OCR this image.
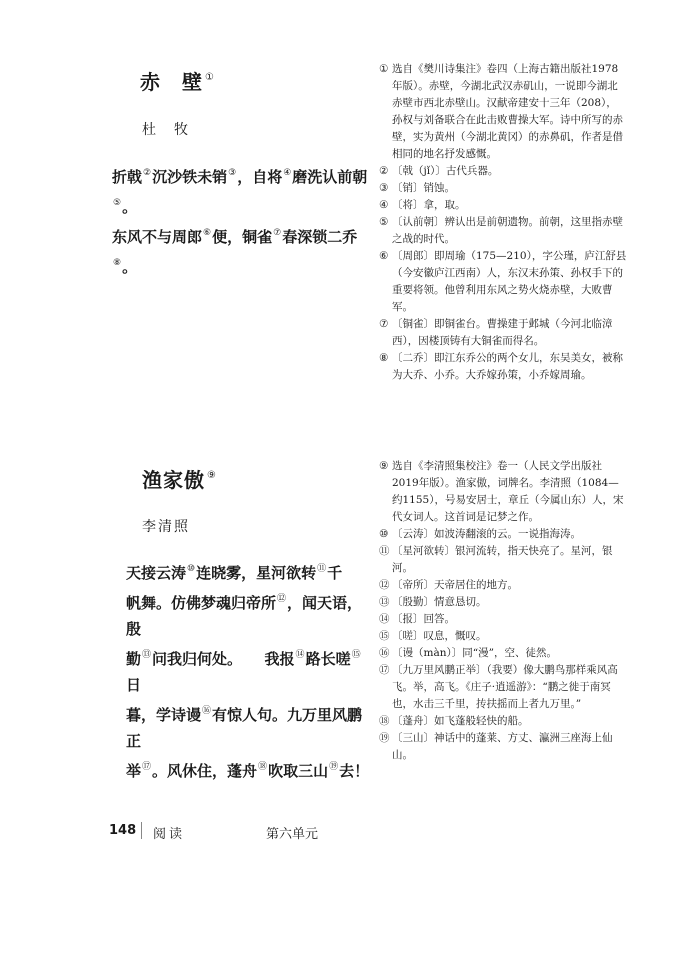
赤　壁 ①
杜　牧
折戟②沉沙铁未销③，自将④磨洗认前朝⑤。
东风不与周郎⑥便，铜雀⑦春深锁二乔⑧。
渔家傲 ⑨
李清照
天接云涛⑩连晓雾，星河欲转⑪千
帆舞。仿佛梦魂归帝所⑫，闻天语，殷
勤⑬问我归何处。　　我报⑭路长嗟⑮日
暮，学诗谩⑯有惊人句。九万里风鹏正
举⑰。风休住，蓬舟⑱吹取三山⑲去！
① 选自《樊川诗集注》卷四（上海古籍出版社1978年版）。赤壁，今湖北武汉赤矶山，一说即今湖北赤壁市西北赤壁山。汉献帝建安十三年（208），孙权与刘备联合在此击败曹操大军。诗中所写的赤壁，实为黄州（今湖北黄冈）的赤鼻矶，作者是借相同的地名抒发感慨。
② 〔戟（jǐ）〕古代兵器。
③ 〔销〕销蚀。
④ 〔将〕拿，取。
⑤ 〔认前朝〕辨认出是前朝遗物。前朝，这里指赤壁之战的时代。
⑥ 〔周郎〕即周瑜（175—210），字公瑾，庐江舒县（今安徽庐江西南）人，东汉末孙策、孙权手下的重要将领。他曾利用东风之势火烧赤壁，大败曹军。
⑦ 〔铜雀〕即铜雀台。曹操建于邺城（今河北临漳西），因楼顶铸有大铜雀而得名。
⑧ 〔二乔〕即江东乔公的两个女儿，东吴美女，被称为大乔、小乔。大乔嫁孙策，小乔嫁周瑜。
⑨ 选自《李清照集校注》卷一（人民文学出版社2019年版）。渔家傲，词牌名。李清照（1084—约1155），号易安居士，章丘（今属山东）人，宋代女词人。这首词是记梦之作。
⑩ 〔云涛〕如波涛翻滚的云。一说指海涛。
⑪ 〔星河欲转〕银河流转，指天快亮了。星河，银河。
⑫ 〔帝所〕天帝居住的地方。
⑬ 〔殷勤〕情意恳切。
⑭ 〔报〕回答。
⑮ 〔嗟〕叹息，慨叹。
⑯ 〔谩（màn）〕同“漫”，空、徒然。
⑰ 〔九万里风鹏正举〕（我要）像大鹏鸟那样乘风高飞。举，高飞。《庄子·逍遥游》：“鹏之徙于南冥也，水击三千里，抟扶摇而上者九万里。”
⑱ 〔蓬舟〕如飞蓬般轻快的船。
⑲ 〔三山〕神话中的蓬莱、方丈、瀛洲三座海上仙山。
148 阅读	第六单元
